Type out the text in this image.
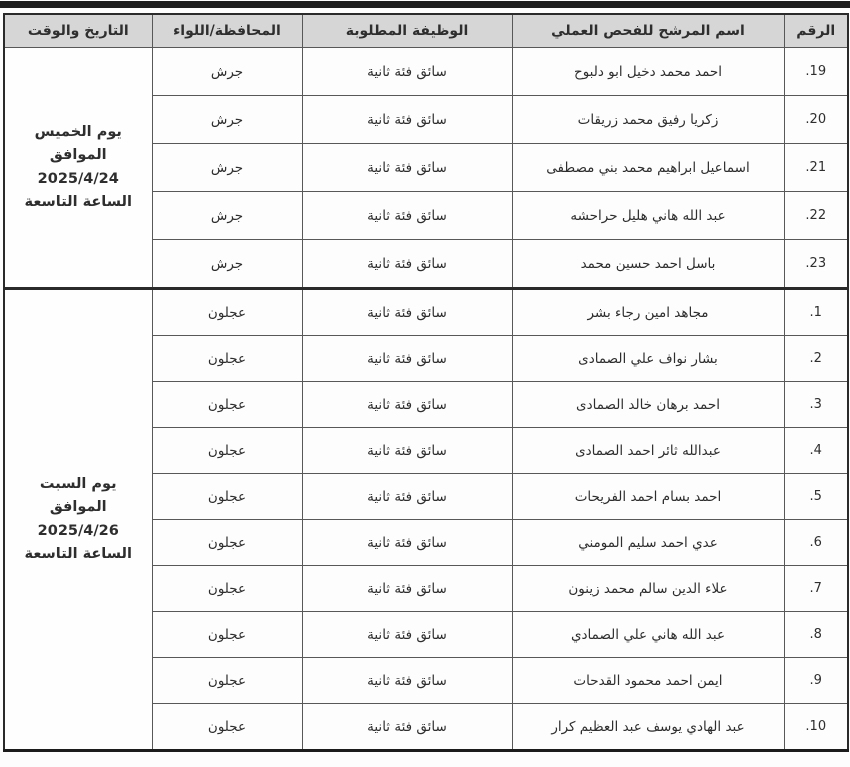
الرقم	اسم المرشح للفحص العملي	الوظيفة المطلوبة	المحافظة/اللواء	التاريخ والوقت
19.	احمد محمد دخيل ابو دلبوح	سائق فئة ثانية	جرش	يوم الخميس
الموافق
2025/4/24
الساعة التاسعة

20.	زكريا رفيق محمد زريقات	سائق فئة ثانية	جرش	
21.	اسماعيل ابراهيم محمد بني مصطفى	سائق فئة ثانية	جرش	
22.	عبد الله هاني هليل حراحشه	سائق فئة ثانية	جرش	
23.	باسل احمد حسين محمد	سائق فئة ثانية	جرش	
1.	مجاهد امين رجاء بشر	سائق فئة ثانية	عجلون	يوم السبت
الموافق
2025/4/26
الساعة التاسعة

2.	بشار نواف علي الصمادى	سائق فئة ثانية	عجلون	
3.	احمد برهان خالد الصمادى	سائق فئة ثانية	عجلون	
4.	عبدالله ثائر احمد الصمادى	سائق فئة ثانية	عجلون	
5.	احمد بسام احمد الفريحات	سائق فئة ثانية	عجلون	
6.	عدي احمد سليم المومني	سائق فئة ثانية	عجلون	
7.	علاء الدين سالم محمد زينون	سائق فئة ثانية	عجلون	
8.	عبد الله هاني علي الصمادي	سائق فئة ثانية	عجلون	
9.	ايمن احمد محمود القدحات	سائق فئة ثانية	عجلون	
10.	عبد الهادي يوسف عبد العظيم كرار	سائق فئة ثانية	عجلون	
